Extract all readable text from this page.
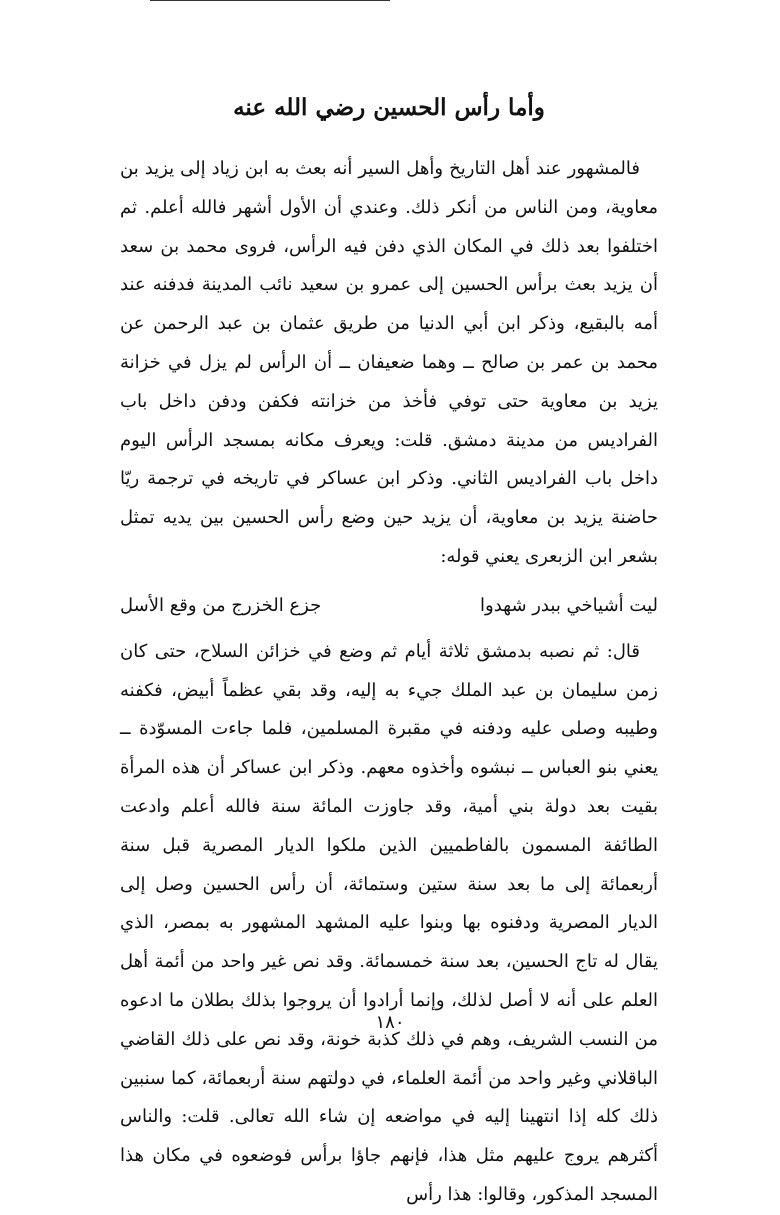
وأما رأس الحسين رضي الله عنه

فالمشهور عند أهل التاريخ وأهل السير أنه بعث به ابن زياد إلى يزيد بن معاوية، ومن الناس من أنكر ذلك. وعندي أن الأول أشهر فالله أعلم. ثم اختلفوا بعد ذلك في المكان الذي دفن فيه الرأس، فروى محمد بن سعد أن يزيد بعث برأس الحسين إلى عمرو بن سعيد نائب المدينة فدفنه عند أمه بالبقيع، وذكر ابن أبي الدنيا من طريق عثمان بن عبد الرحمن عن محمد بن عمر بن صالح ــ وهما ضعيفان ــ أن الرأس لم يزل في خزانة يزيد بن معاوية حتى توفي فأخذ من خزانته فكفن ودفن داخل باب الفراديس من مدينة دمشق. قلت: ويعرف مكانه بمسجد الرأس اليوم داخل باب الفراديس الثاني. وذكر ابن عساكر في تاريخه في ترجمة ريّا حاضنة يزيد بن معاوية، أن يزيد حين وضع رأس الحسين بين يديه تمثل بشعر ابن الزبعرى يعني قوله:

ليت أشياخي ببدر شهدوا
جزع الخزرج من وقع الأسل

قال: ثم نصبه بدمشق ثلاثة أيام ثم وضع في خزائن السلاح، حتى كان زمن سليمان بن عبد الملك جيء به إليه، وقد بقي عظماً أبيض، فكفنه وطيبه وصلى عليه ودفنه في مقبرة المسلمين، فلما جاءت المسوّدة ــ يعني بنو العباس ــ نبشوه وأخذوه معهم. وذكر ابن عساكر أن هذه المرأة بقيت بعد دولة بني أمية، وقد جاوزت المائة سنة فالله أعلم وادعت الطائفة المسمون بالفاطميين الذين ملكوا الديار المصرية قبل سنة أربعمائة إلى ما بعد سنة ستين وستمائة، أن رأس الحسين وصل إلى الديار المصرية ودفنوه بها وبنوا عليه المشهد المشهور به بمصر، الذي يقال له تاج الحسين، بعد سنة خمسمائة. وقد نص غير واحد من أئمة أهل العلم على أنه لا أصل لذلك، وإنما أرادوا أن يروجوا بذلك بطلان ما ادعوه من النسب الشريف، وهم في ذلك كذبة خونة، وقد نص على ذلك القاضي الباقلاني وغير واحد من أئمة العلماء، في دولتهم سنة أربعمائة، كما سنبين ذلك كله إذا انتهينا إليه في مواضعه إن شاء الله تعالى. قلت: والناس أكثرهم يروج عليهم مثل هذا، فإنهم جاؤا برأس فوضعوه في مكان هذا المسجد المذكور، وقالوا: هذا رأس

١٨٠
